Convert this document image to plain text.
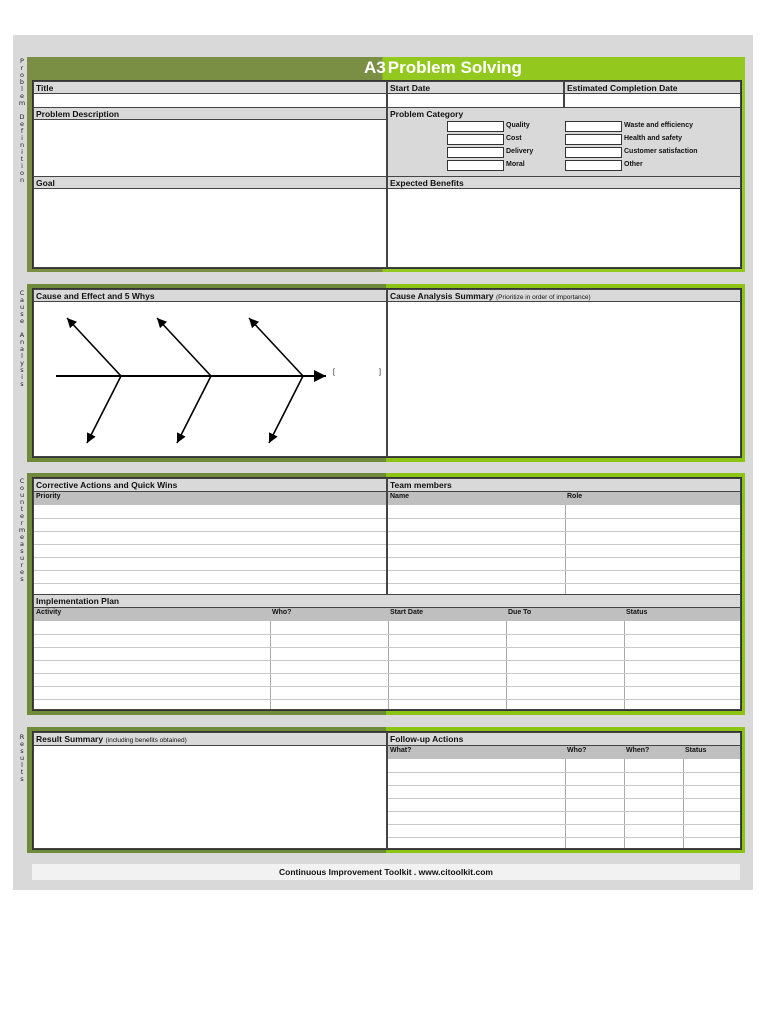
P
r
o
b
l
e
m

D
e
f
i
n
i
t
i
o
n
C
a
u
s
e

A
n
a
l
y
s
i
s
C
o
u
n
t
e
r
m
e
a
s
u
r
e
s
R
e
s
u
l
t
s
A3 Problem Solving
Title	Start Date	Estimated Completion Date
Problem Description	Problem Category
Quality
Cost
Delivery
Moral
Waste and efficiency
Health and safety
Customer satisfaction
Other
Goal	Expected Benefits
Cause and Effect and 5 Whys
[	]
Cause Analysis Summary (Prioritize in order of importance)
Corrective Actions and Quick Wins
Priority
Team members
Name	Role
Implementation Plan
Activity	Who?	Start Date	Due To	Status
Result Summary (including benefits obtained)	Follow-up Actions
What?	Who?	When?	Status
Continuous Improvement Toolkit . www.citoolkit.com
